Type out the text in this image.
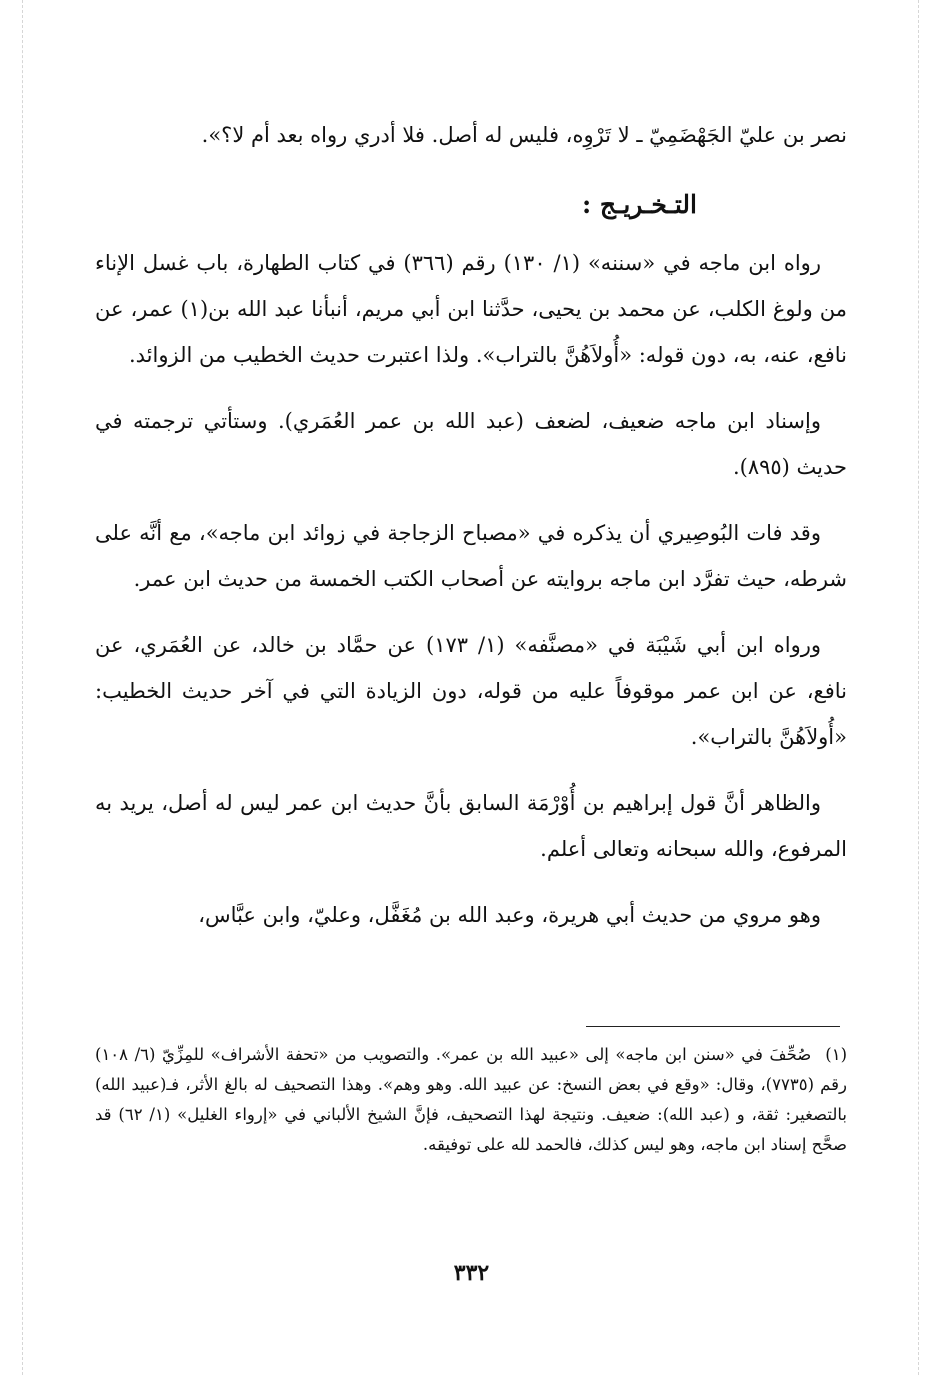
نصر بن عليّ الجَهْضَمِيّ ـ لا تَرْوِه، فليس له أصل. فلا أدري رواه بعد أم لا؟».

التـخـريـج :

رواه ابن ماجه في «سننه» (١/ ١٣٠) رقم (٣٦٦) في كتاب الطهارة، باب غسل الإناء من ولوغ الكلب، عن محمد بن يحيى، حدَّثنا ابن أبي مريم، أنبأنا عبد الله بن(١) عمر، عن نافع، عنه، به، دون قوله: «أُولاَهُنَّ بالتراب». ولذا اعتبرت حديث الخطيب من الزوائد.

وإسناد ابن ماجه ضعيف، لضعف (عبد الله بن عمر العُمَري). وستأتي ترجمته في حديث (٨٩٥).

وقد فات البُوصِيري أن يذكره في «مصباح الزجاجة في زوائد ابن ماجه»، مع أنَّه على شرطه، حيث تفرَّد ابن ماجه بروايته عن أصحاب الكتب الخمسة من حديث ابن عمر.

ورواه ابن أبي شَيْبَة في «مصنَّفه» (١/ ١٧٣) عن حمَّاد بن خالد، عن العُمَري، عن نافع، عن ابن عمر موقوفاً عليه من قوله، دون الزيادة التي في آخر حديث الخطيب: «أُولاَهُنَّ بالتراب».

والظاهر أنَّ قول إبراهيم بن أُوْرْمَة السابق بأنَّ حديث ابن عمر ليس له أصل، يريد به المرفوع، والله سبحانه وتعالى أعلم.

وهو مروي من حديث أبي هريرة، وعبد الله بن مُغَفَّل، وعليّ، وابن عبَّاس،

(١)صُحِّفَ في «سنن ابن ماجه» إلى «عبيد الله بن عمر». والتصويب من «تحفة الأشراف» للمِزِّيّ (٦/ ١٠٨) رقم (٧٧٣٥)، وقال: «وقع في بعض النسخ: عن عبيد الله. وهو وهم». وهذا التصحيف له بالغ الأثر، فـ(عبيد الله) بالتصغير: ثقة، و (عبد الله): ضعيف. ونتيجة لهذا التصحيف، فإنَّ الشيخ الألباني في «إرواء الغليل» (١/ ٦٢) قد صحَّح إسناد ابن ماجه، وهو ليس كذلك، فالحمد لله على توفيقه.
٣٣٢
